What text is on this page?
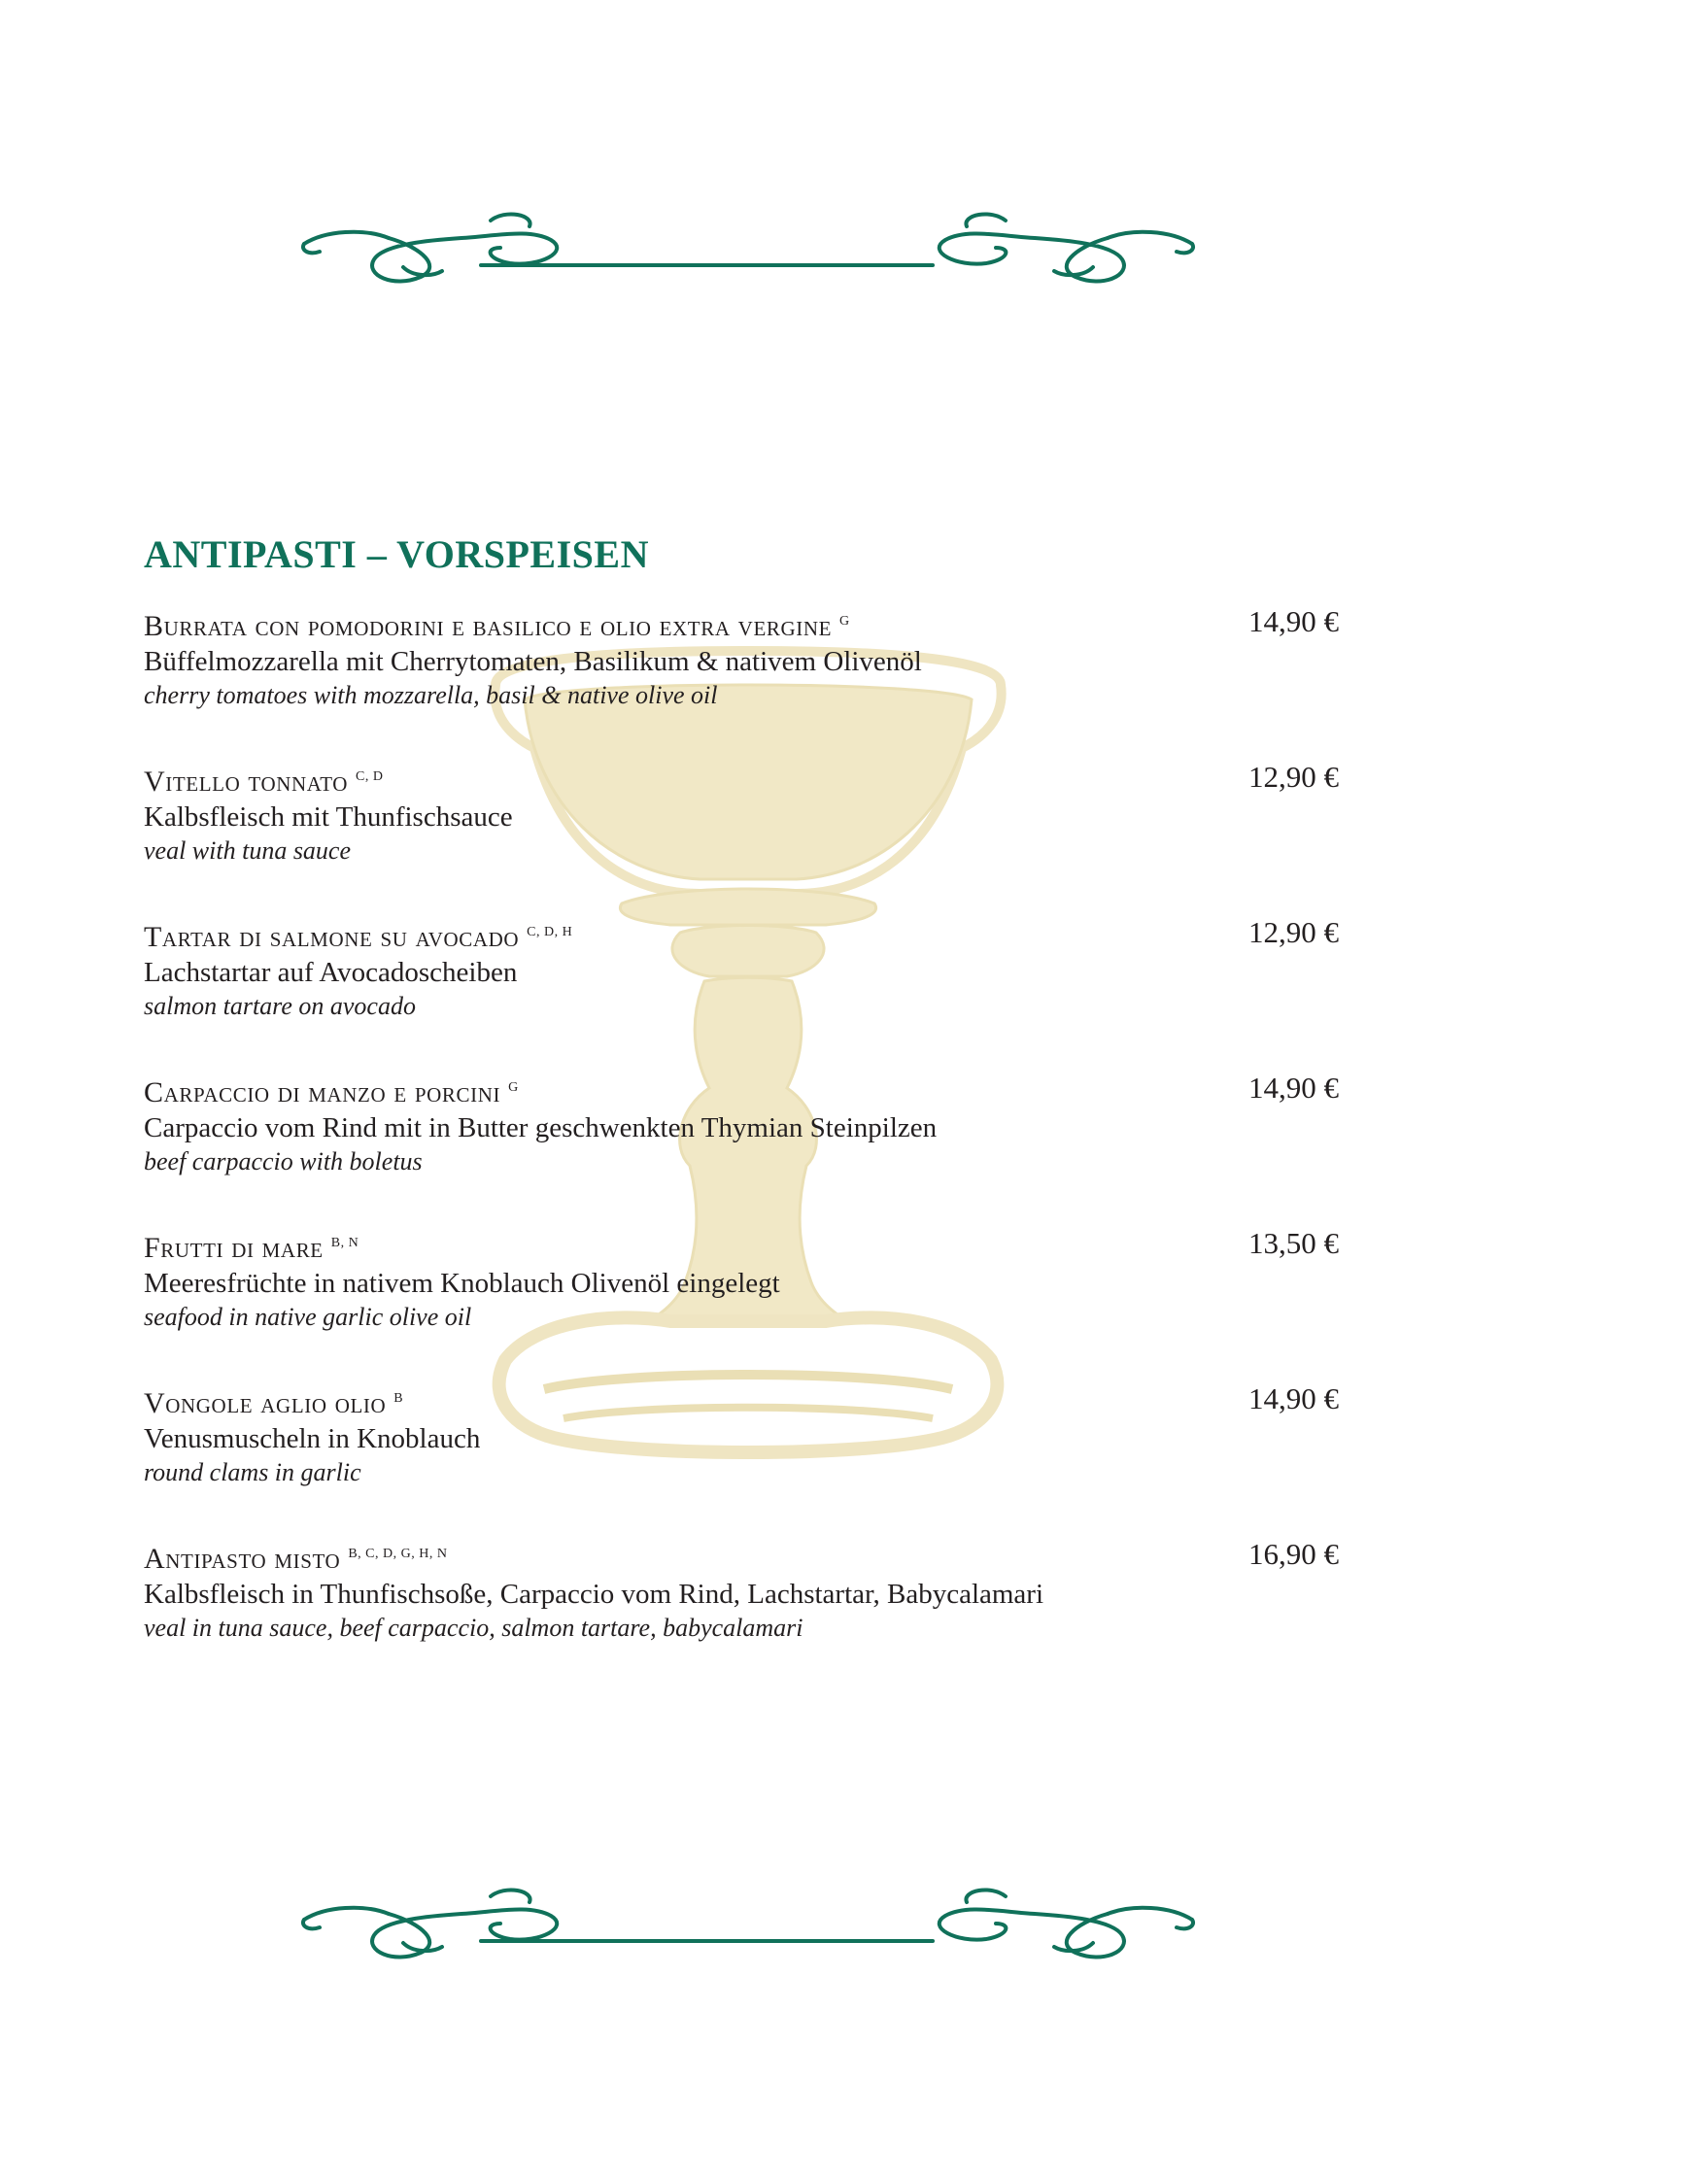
ANTIPASTI – VORSPEISEN
Burrata con pomodorini e basilico e olio extra vergine $^G$
Büffelmozzarella mit Cherrytomaten, Basilikum & nativem Olivenöl
cherry tomatoes with mozzarella, basil & native olive oil
14,90 €
Vitello tonnato $^{C, D}$
Kalbsfleisch mit Thunfischsauce
veal with tuna sauce
12,90 €
Tartar di salmone su avocado $^{C, D, H}$
Lachstartar auf Avocadoscheiben
salmon tartare on avocado
12,90 €
Carpaccio di manzo e porcini $^G$
Carpaccio vom Rind mit in Butter geschwenkten Thymian Steinpilzen
beef carpaccio with boletus
14,90 €
Frutti di mare $^{B, N}$
Meeresfrüchte in nativem Knoblauch Olivenöl eingelegt
seafood in native garlic olive oil
13,50 €
Vongole aglio olio $^B$
Venusmuscheln in Knoblauch
round clams in garlic
14,90 €
Antipasto misto $^{B, C, D, G, H, N}$
Kalbsfleisch in Thunfischsoße, Carpaccio vom Rind, Lachstartar, Babycalamari
veal in tuna sauce, beef carpaccio, salmon tartare, babycalamari
16,90 €
